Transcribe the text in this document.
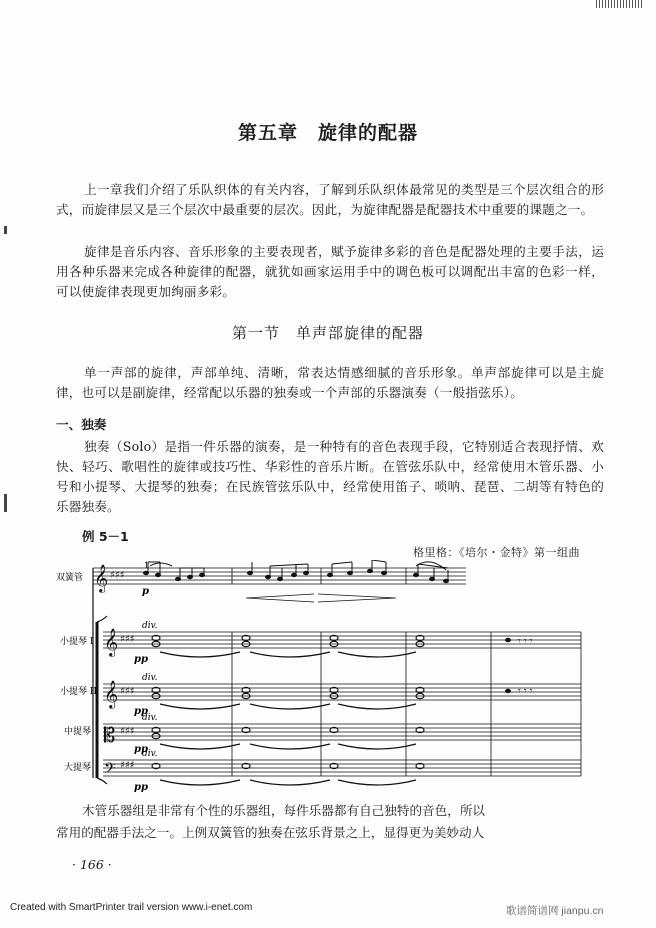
第五章　旋律的配器
上一章我们介绍了乐队织体的有关内容，了解到乐队织体最常见的类型是三个层次组合的形式，而旋律层又是三个层次中最重要的层次。因此，为旋律配器是配器技术中重要的课题之一。
旋律是音乐内容、音乐形象的主要表现者，赋予旋律多彩的音色是配器处理的主要手法，运用各种乐器来完成各种旋律的配器，就犹如画家运用手中的调色板可以调配出丰富的色彩一样，可以使旋律表现更加绚丽多彩。
第一节　单声部旋律的配器
单一声部的旋律，声部单纯、清晰，常表达情感细腻的音乐形象。单声部旋律可以是主旋律，也可以是副旋律，经常配以乐器的独奏或一个声部的乐器演奏（一般指弦乐）。
一、独奏
独奏（Solo）是指一件乐器的演奏，是一种特有的音色表现手段，它特别适合表现抒情、欢快、轻巧、歌唱性的旋律或技巧性、华彩性的音乐片断。在管弦乐队中，经常使用木管乐器、小号和小提琴、大提琴的独奏；在民族管弦乐队中，经常使用笛子、唢呐、琵琶、二胡等有特色的乐器独奏。
例 5－1
格里格：《培尔・金特》第一组曲
𝄞 ♯♯♯
𝄞 ♯♯♯
𝄞 ♯♯♯
𝄡 ♯♯♯
𝄢 ♯♯♯
𝄾 𝄾 𝄾
𝄾 𝄾 𝄾
双簧管
小提琴 I
小提琴 II
中提琴
大提琴
1
div.
div.
div.
div.
p
pp
pp
pp
pp
木管乐器组是非常有个性的乐器组，每件乐器都有自己独特的音色，所以
常用的配器手法之一。上例双簧管的独奏在弦乐背景之上，显得更为美妙动人
· 166 ·
Created with SmartPrinter trail version www.i-enet.com	歌谱简谱网 jianpu.cn
